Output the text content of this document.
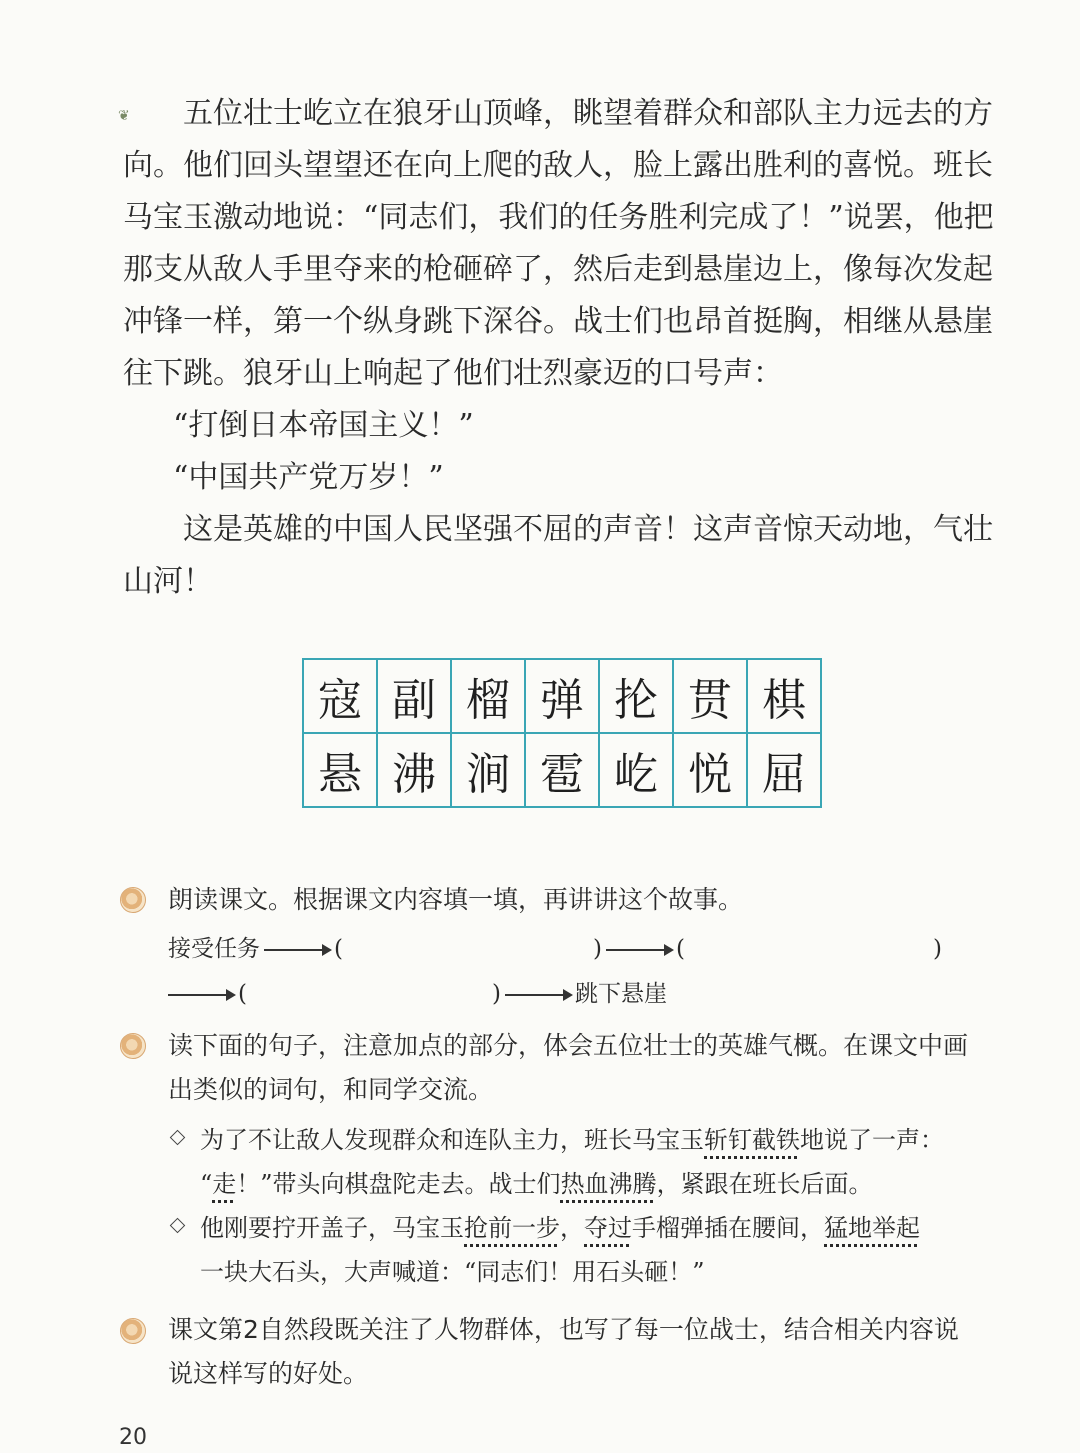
❦	五位壮士屹立在狼牙山顶峰，眺望着群众和部队主力远去的方
向。他们回头望望还在向上爬的敌人，脸上露出胜利的喜悦。班长
马宝玉激动地说：“同志们，我们的任务胜利完成了！”说罢，他把
那支从敌人手里夺来的枪砸碎了，然后走到悬崖边上，像每次发起
冲锋一样，第一个纵身跳下深谷。战士们也昂首挺胸，相继从悬崖
往下跳。狼牙山上响起了他们壮烈豪迈的口号声：
“打倒日本帝国主义！”
“中国共产党万岁！”
这是英雄的中国人民坚强不屈的声音！这声音惊天动地，气壮
山河！
寇	副	榴	弹	抡	贯	棋
悬	沸	涧	雹	屹	悦	屈
朗读课文。根据课文内容填一填，再讲讲这个故事。
接受任务	(	)	(	)
(	)	跳下悬崖
读下面的句子，注意加点的部分，体会五位壮士的英雄气概。在课文中画
出类似的词句，和同学交流。
为了不让敌人发现群众和连队主力，班长马宝玉斩钉截铁地说了一声：
“走！”带头向棋盘陀走去。战士们热血沸腾，紧跟在班长后面。
他刚要拧开盖子，马宝玉抢前一步，夺过手榴弹插在腰间，猛地举起
一块大石头，大声喊道：“同志们！用石头砸！”
课文第2自然段既关注了人物群体，也写了每一位战士，结合相关内容说
说这样写的好处。
20
